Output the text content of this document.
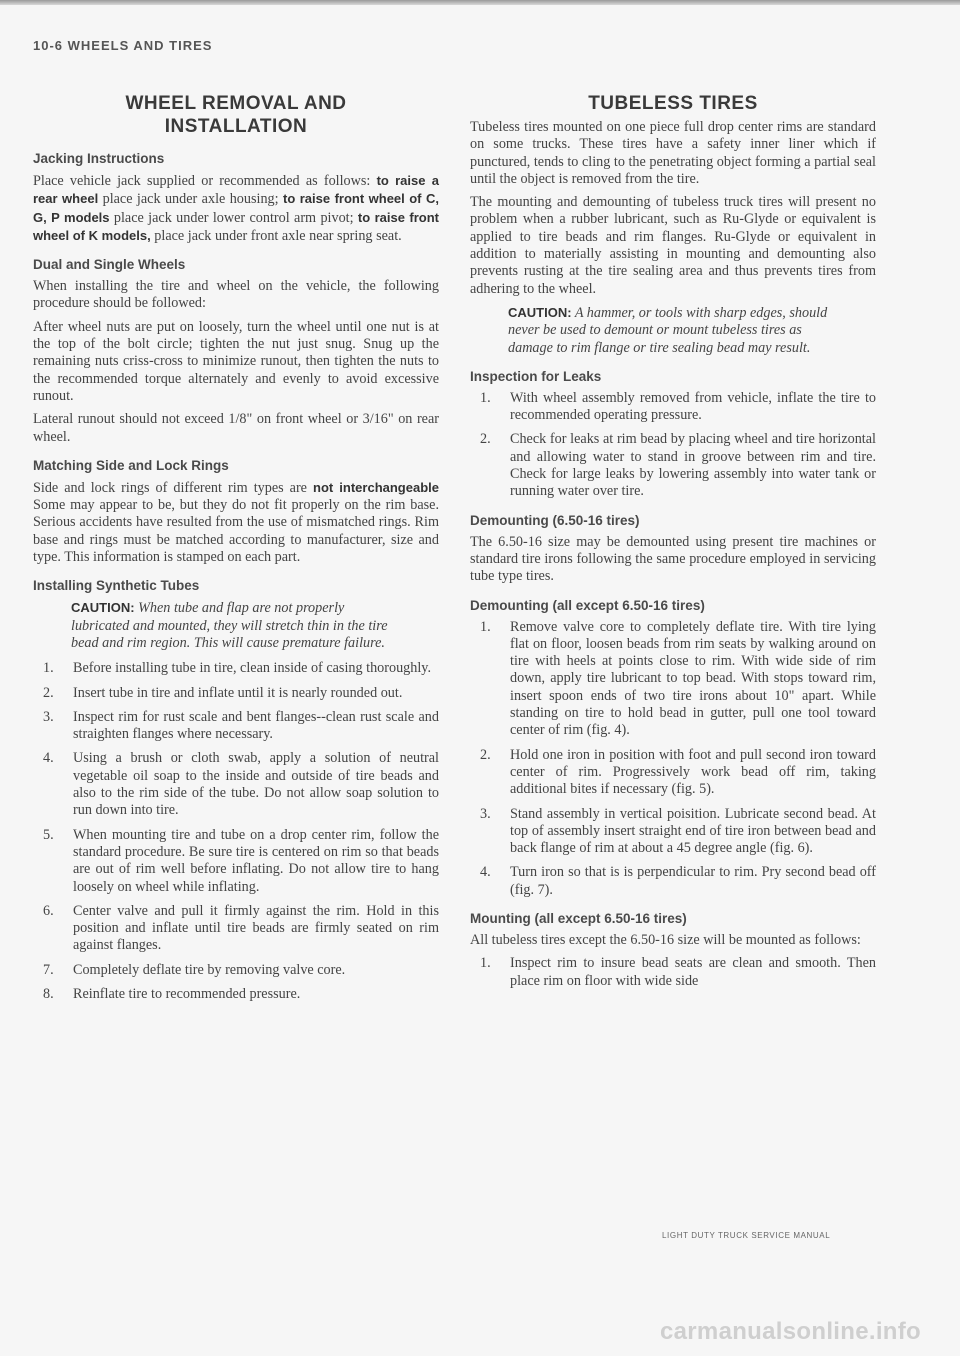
10-6 WHEELS AND TIRES
WHEEL REMOVAL AND INSTALLATION
Jacking Instructions

Place vehicle jack supplied or recommended as follows: to raise a rear wheel place jack under axle housing; to raise front wheel of C, G, P models place jack under lower control arm pivot; to raise front wheel of K models, place jack under front axle near spring seat.

Dual and Single Wheels

When installing the tire and wheel on the vehicle, the following procedure should be followed:

After wheel nuts are put on loosely, turn the wheel until one nut is at the top of the bolt circle; tighten the nut just snug. Snug up the remaining nuts criss-cross to minimize runout, then tighten the nuts to the recommended torque alternately and evenly to avoid excessive runout.

Lateral runout should not exceed 1/8" on front wheel or 3/16" on rear wheel.

Matching Side and Lock Rings

Side and lock rings of different rim types are not interchangeable Some may appear to be, but they do not fit properly on the rim base. Serious accidents have resulted from the use of mismatched rings. Rim base and rings must be matched according to manufacturer, size and type. This information is stamped on each part.

Installing Synthetic Tubes
CAUTION: When tube and flap are not properly lubricated and mounted, they will stretch thin in the tire bead and rim region. This will cause premature failure.
1. Before installing tube in tire, clean inside of casing thoroughly.
2. Insert tube in tire and inflate until it is nearly rounded out.
3. Inspect rim for rust scale and bent flanges--clean rust scale and straighten flanges where necessary.
4. Using a brush or cloth swab, apply a solution of neutral vegetable oil soap to the inside and outside of tire beads and also to the rim side of the tube. Do not allow soap solution to run down into tire.
5. When mounting tire and tube on a drop center rim, follow the standard procedure. Be sure tire is centered on rim so that beads are out of rim well before inflating. Do not allow tire to hang loosely on wheel while inflating.
6. Center valve and pull it firmly against the rim. Hold in this position and inflate until tire beads are firmly seated on rim against flanges.
7. Completely deflate tire by removing valve core.
8. Reinflate tire to recommended pressure.
TUBELESS TIRES

Tubeless tires mounted on one piece full drop center rims are standard on some trucks. These tires have a safety inner liner which if punctured, tends to cling to the penetrating object forming a partial seal until the object is removed from the tire.

The mounting and demounting of tubeless truck tires will present no problem when a rubber lubricant, such as Ru-Glyde or equivalent is applied to tire beads and rim flanges. Ru-Glyde or equivalent in addition to materially assisting in mounting and demounting also prevents rusting at the tire sealing area and thus prevents tires from adhering to the wheel.

CAUTION: A hammer, or tools with sharp edges, should never be used to demount or mount tubeless tires as damage to rim flange or tire sealing bead may result.
Inspection for Leaks
1. With wheel assembly removed from vehicle, inflate the tire to recommended operating pressure.
2. Check for leaks at rim bead by placing wheel and tire horizontal and allowing water to stand in groove between rim and tire. Check for large leaks by lowering assembly into water tank or running water over tire.
Demounting (6.50-16 tires)

The 6.50-16 size may be demounted using present tire machines or standard tire irons following the same procedure employed in servicing tube type tires.

Demounting (all except 6.50-16 tires)
1. Remove valve core to completely deflate tire. With tire lying flat on floor, loosen beads from rim seats by walking around on tire with heels at points close to rim. With wide side of rim down, apply tire lubricant to top bead. With stops toward rim, insert spoon ends of two tire irons about 10" apart. While standing on tire to hold bead in gutter, pull one tool toward center of rim (fig. 4).
2. Hold one iron in position with foot and pull second iron toward center of rim. Progressively work bead off rim, taking additional bites if necessary (fig. 5).
3. Stand assembly in vertical poisition. Lubricate second bead. At top of assembly insert straight end of tire iron between bead and back flange of rim at about a 45 degree angle (fig. 6).
4. Turn iron so that is is perpendicular to rim. Pry second bead off (fig. 7).
Mounting (all except 6.50-16 tires)

All tubeless tires except the 6.50-16 size will be mounted as follows:

1. Inspect rim to insure bead seats are clean and smooth. Then place rim on floor with wide side
LIGHT DUTY TRUCK SERVICE MANUAL
carmanualsonline.info
